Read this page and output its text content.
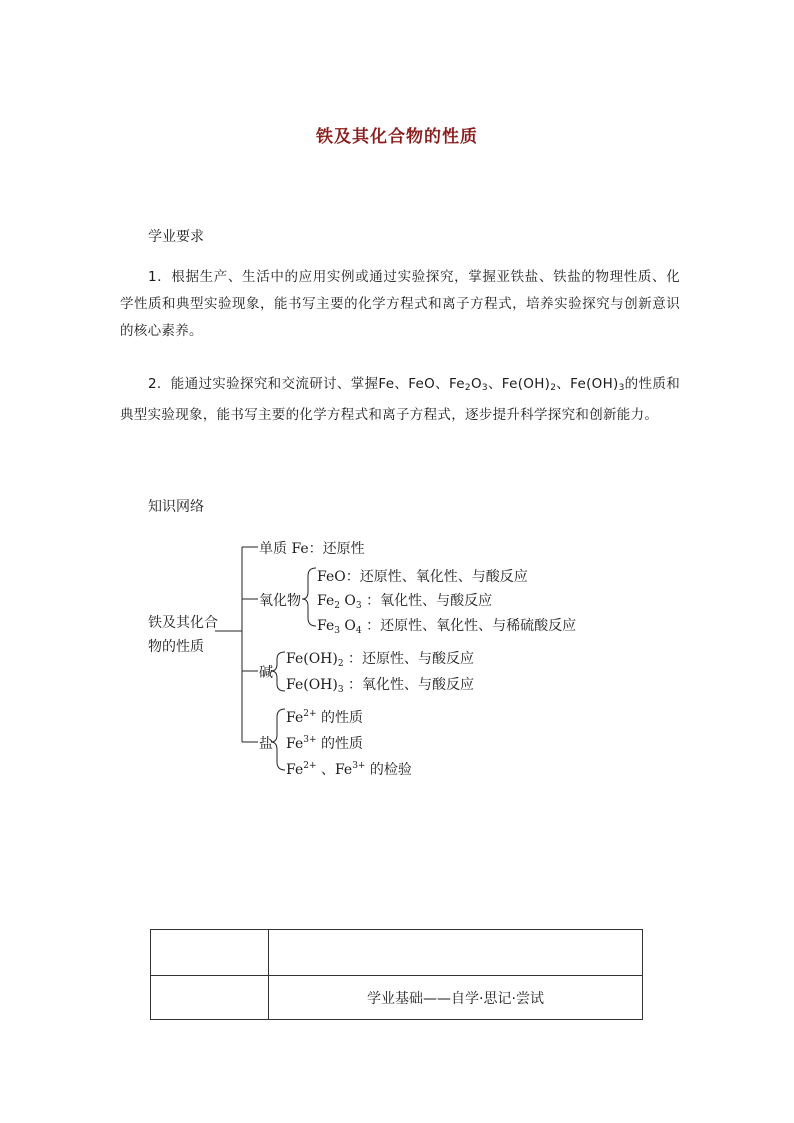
铁及其化合物的性质
学业要求
1．根据生产、生活中的应用实例或通过实验探究，掌握亚铁盐、铁盐的物理性质、化学性质和典型实验现象，能书写主要的化学方程式和离子方程式，培养实验探究与创新意识的核心素养。
2．能通过实验探究和交流研讨、掌握Fe、FeO、$Fe_2O_3$、$Fe(OH)_2$、$Fe(OH)_3$的性质和典型实验现象，能书写主要的化学方程式和离子方程式，逐步提升科学探究和创新能力。
知识网络
铁及其化合
物的性质
单质 Fe：还原性
氧化物
FeO：还原性、氧化性、与酸反应
$Fe_2$ $O_3$ ：氧化性、与酸反应
$Fe_3$ $O_4$ ：还原性、氧化性、与稀硫酸反应
碱
$Fe(OH)_2$ ：还原性、与酸反应
$Fe(OH)_3$ ：氧化性、与酸反应
盐
$Fe^{2+}$ 的性质
$Fe^{3+}$ 的性质
$Fe^{2+}$ 、$Fe^{3+}$ 的检验
学业基础——自学·思记·尝试
